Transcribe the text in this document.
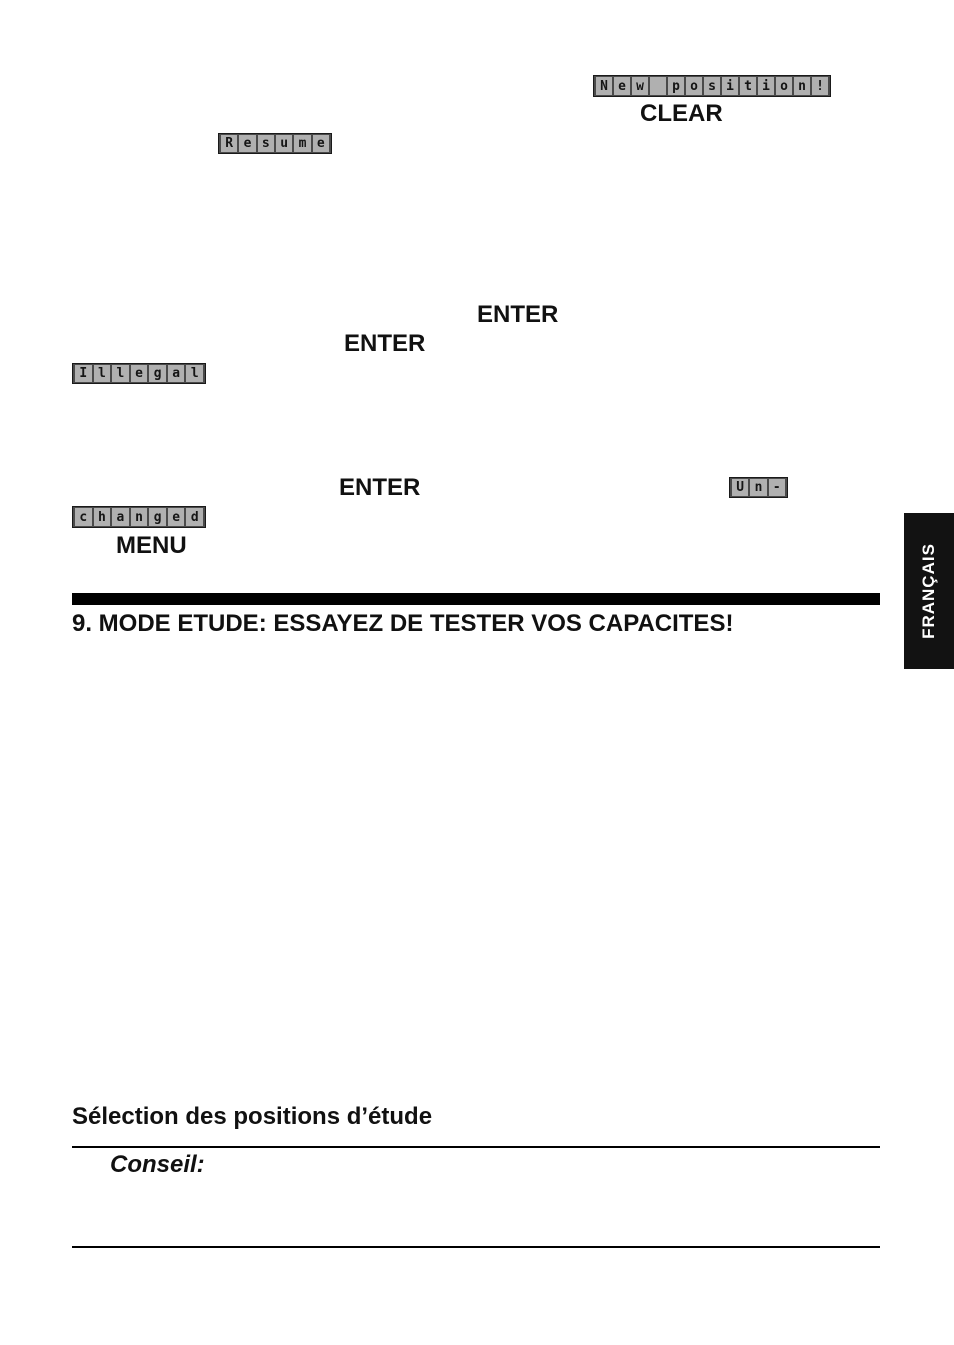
N e w	p o s i t i o n !
CLEAR
R e s u m e
ENTER
ENTER
I l l e g a l
ENTER	U n -
c h a n g e d
MENU
9. MODE ETUDE: ESSAYEZ DE TESTER VOS CAPACITES!
Sélection des positions d’étude
Conseil:
FRANÇAIS
